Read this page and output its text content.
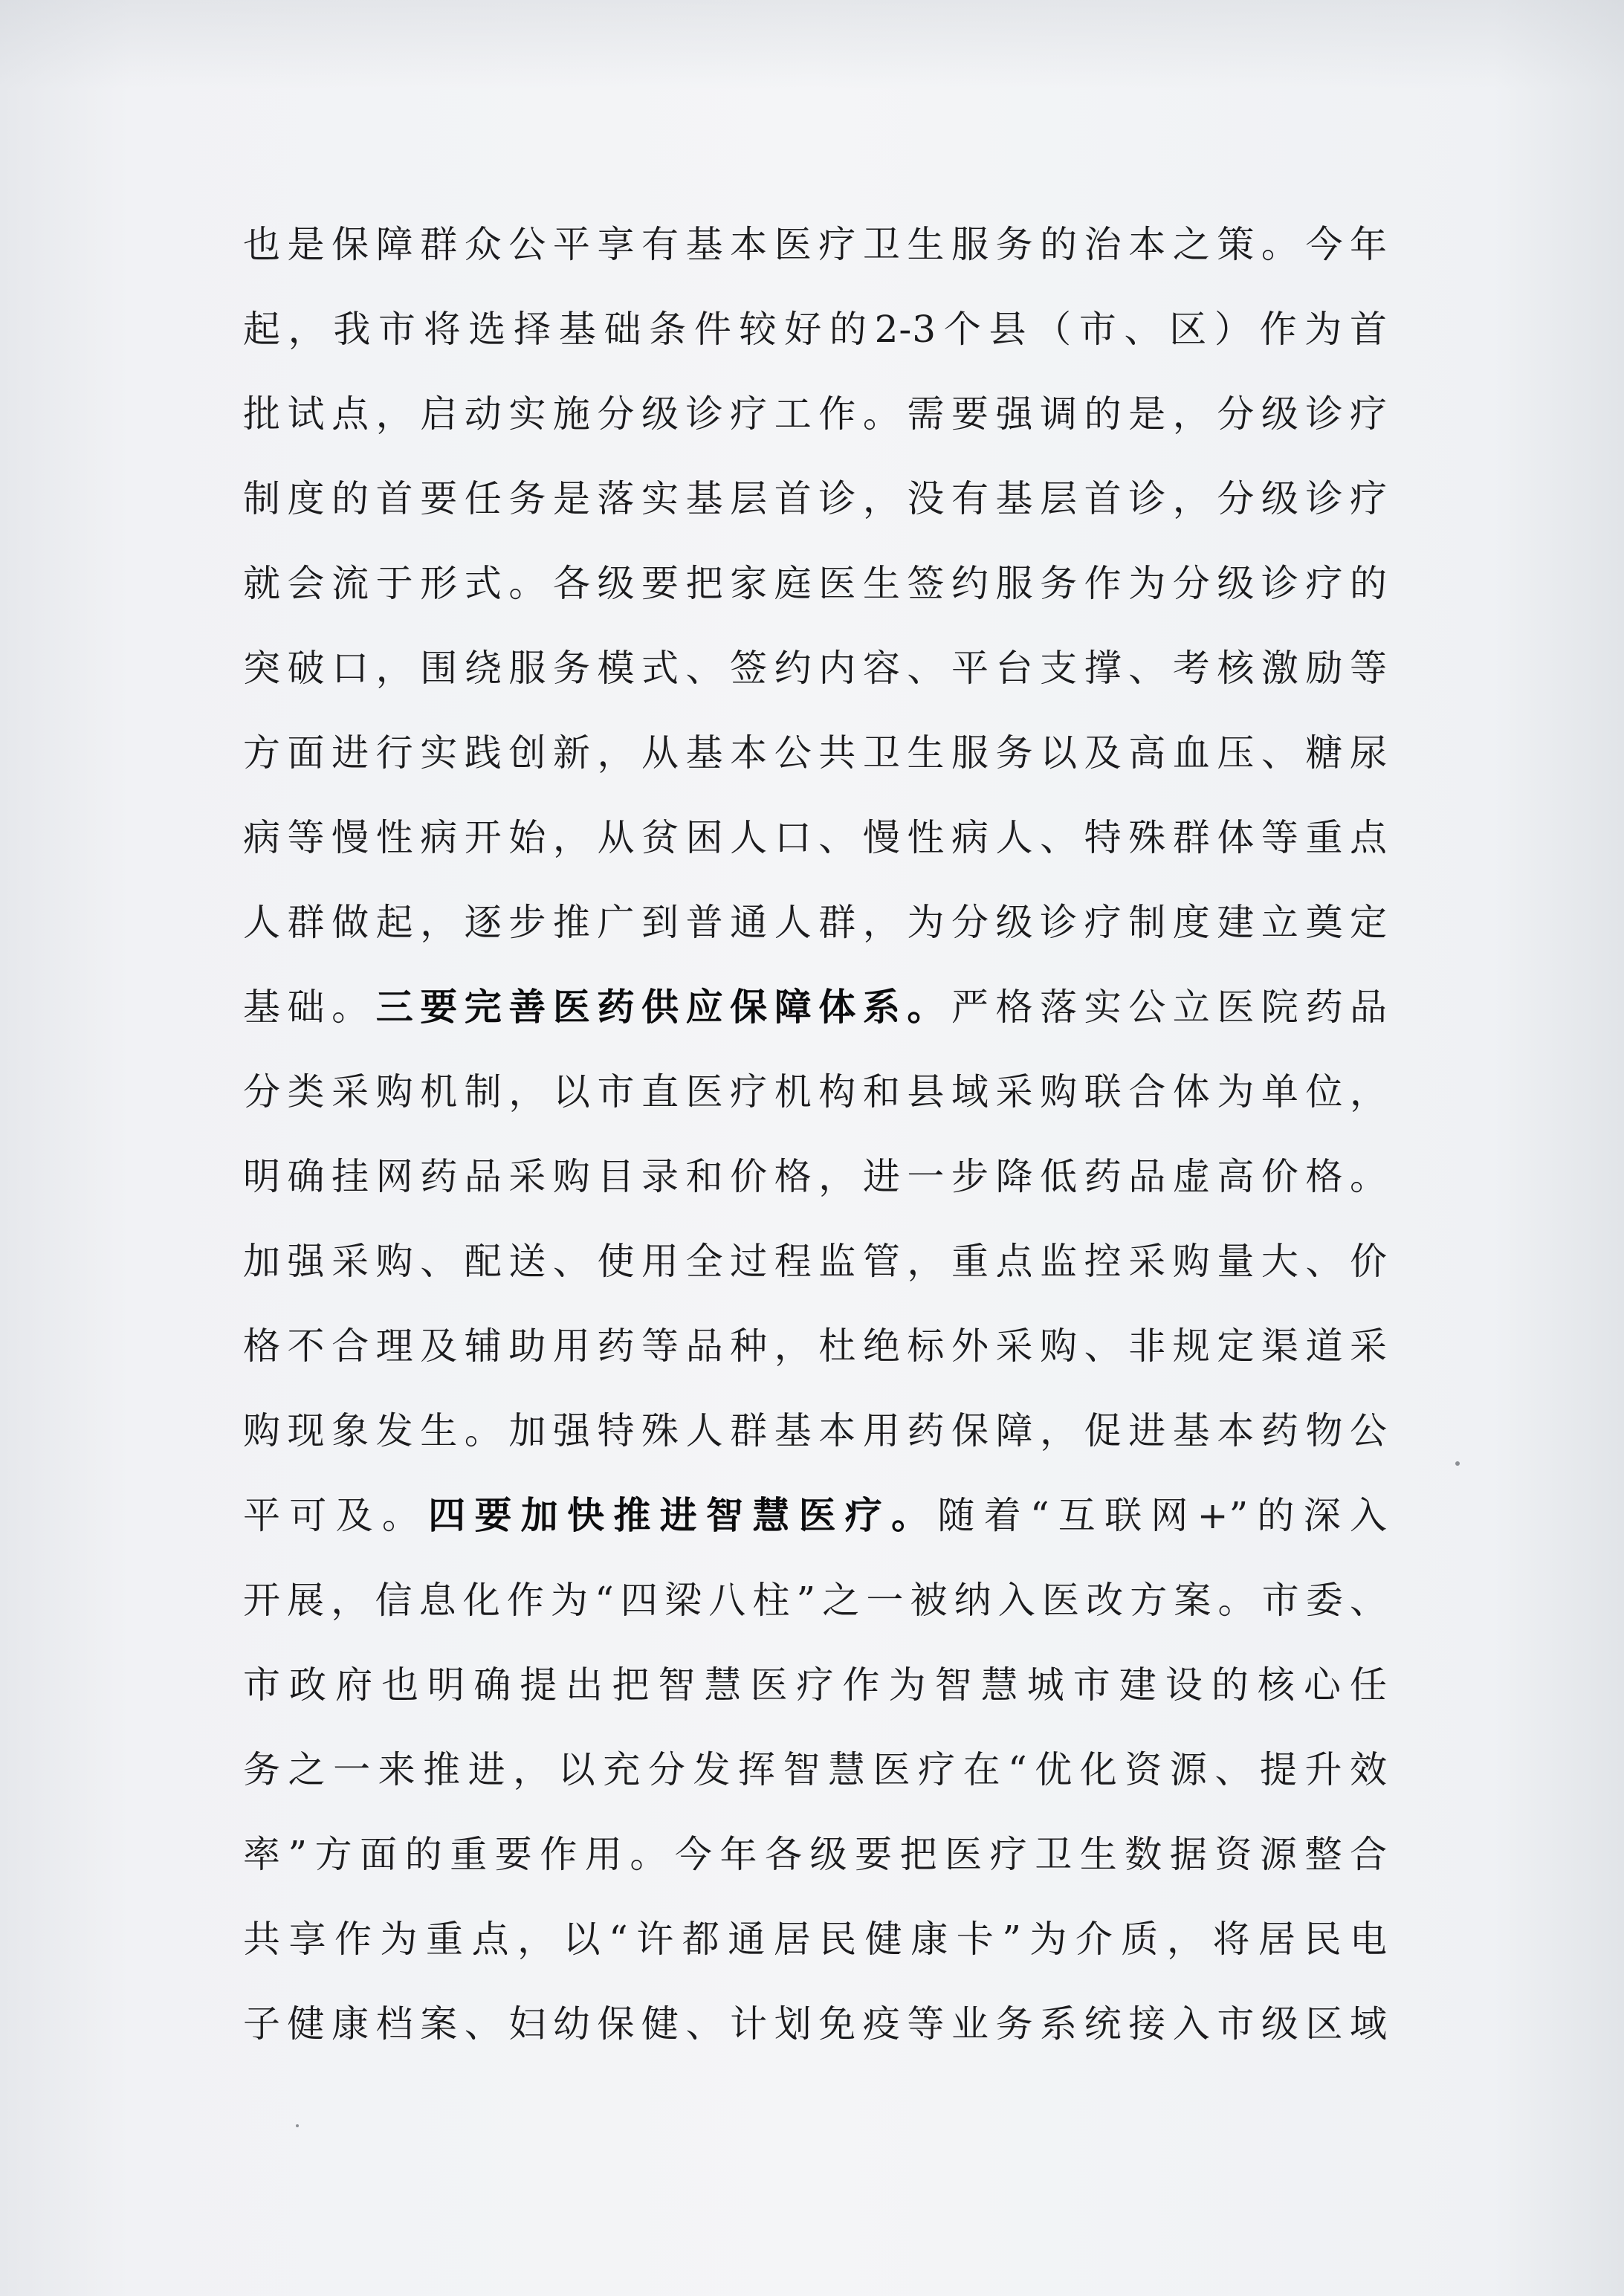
也是保障群众公平享有基本医疗卫生服务的治本之策。今年
起，我市将选择基础条件较好的2-3个县（市、区）作为首
批试点，启动实施分级诊疗工作。需要强调的是，分级诊疗
制度的首要任务是落实基层首诊，没有基层首诊，分级诊疗
就会流于形式。各级要把家庭医生签约服务作为分级诊疗的
突破口，围绕服务模式、签约内容、平台支撑、考核激励等
方面进行实践创新，从基本公共卫生服务以及高血压、糖尿
病等慢性病开始，从贫困人口、慢性病人、特殊群体等重点
人群做起，逐步推广到普通人群，为分级诊疗制度建立奠定
基础。三要完善医药供应保障体系。严格落实公立医院药品
分类采购机制，以市直医疗机构和县域采购联合体为单位，
明确挂网药品采购目录和价格，进一步降低药品虚高价格。
加强采购、配送、使用全过程监管，重点监控采购量大、价
格不合理及辅助用药等品种，杜绝标外采购、非规定渠道采
购现象发生。加强特殊人群基本用药保障，促进基本药物公
平可及。四要加快推进智慧医疗。随着“互联网+”的深入
开展，信息化作为“四梁八柱”之一被纳入医改方案。市委、
市政府也明确提出把智慧医疗作为智慧城市建设的核心任
务之一来推进，以充分发挥智慧医疗在“优化资源、提升效
率”方面的重要作用。今年各级要把医疗卫生数据资源整合
共享作为重点，以“许都通居民健康卡”为介质，将居民电
子健康档案、妇幼保健、计划免疫等业务系统接入市级区域
